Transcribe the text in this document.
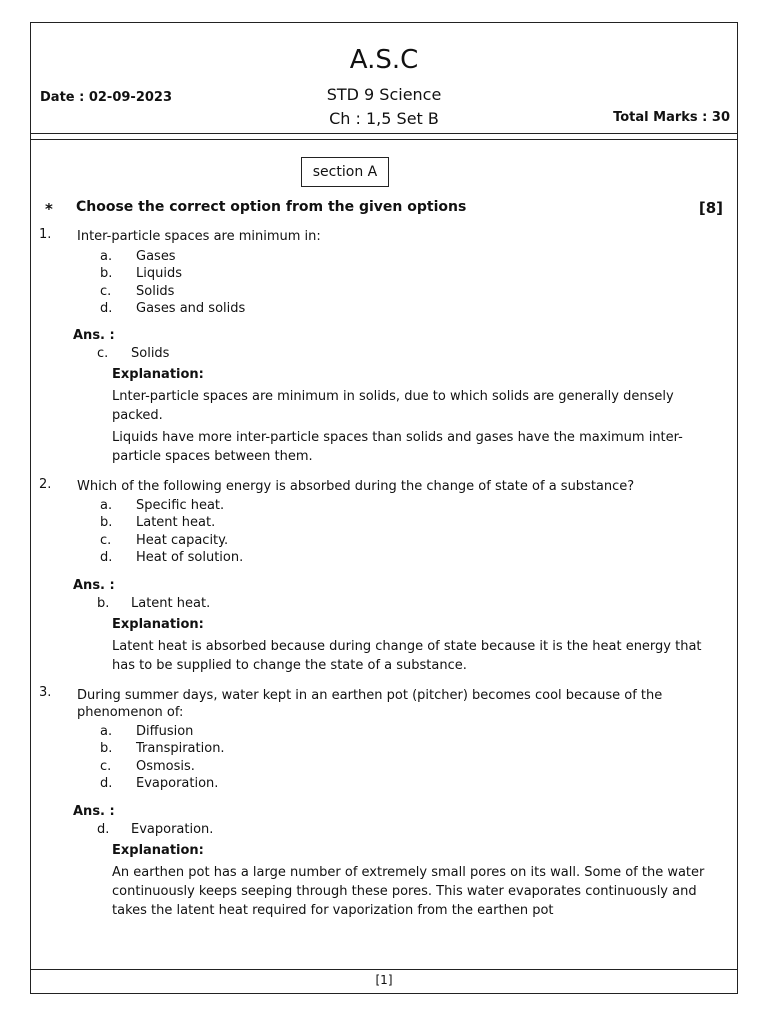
A.S.C
STD 9 Science
Ch : 1,5 Set B
Date : 02-09-2023
Total Marks : 30
section A
* Choose the correct option from the given options	[8]
1. Inter-particle spaces are minimum in:
a.	Gases
b.	Liquids
c.	Solids
d.	Gases and solids
Ans. :
c.	Solids
Explanation:

Lnter-particle spaces are minimum in solids, due to which solids are generally densely packed.

Liquids have more inter-particle spaces than solids and gases have the maximum inter-particle spaces between them.

2. Which of the following energy is absorbed during the change of state of a substance?
a.	Specific heat.
b.	Latent heat.
c.	Heat capacity.
d.	Heat of solution.
Ans. :
b.	Latent heat.
Explanation:

Latent heat is absorbed because during change of state because it is the heat energy that has to be supplied to change the state of a substance.

3. During summer days, water kept in an earthen pot (pitcher) becomes cool because of the phenomenon of:
a.	Diffusion
b.	Transpiration.
c.	Osmosis.
d.	Evaporation.
Ans. :
d.	Evaporation.
Explanation:

An earthen pot has a large number of extremely small pores on its wall. Some of the water continuously keeps seeping through these pores. This water evaporates continuously and takes the latent heat required for vaporization from the earthen pot

[1]
